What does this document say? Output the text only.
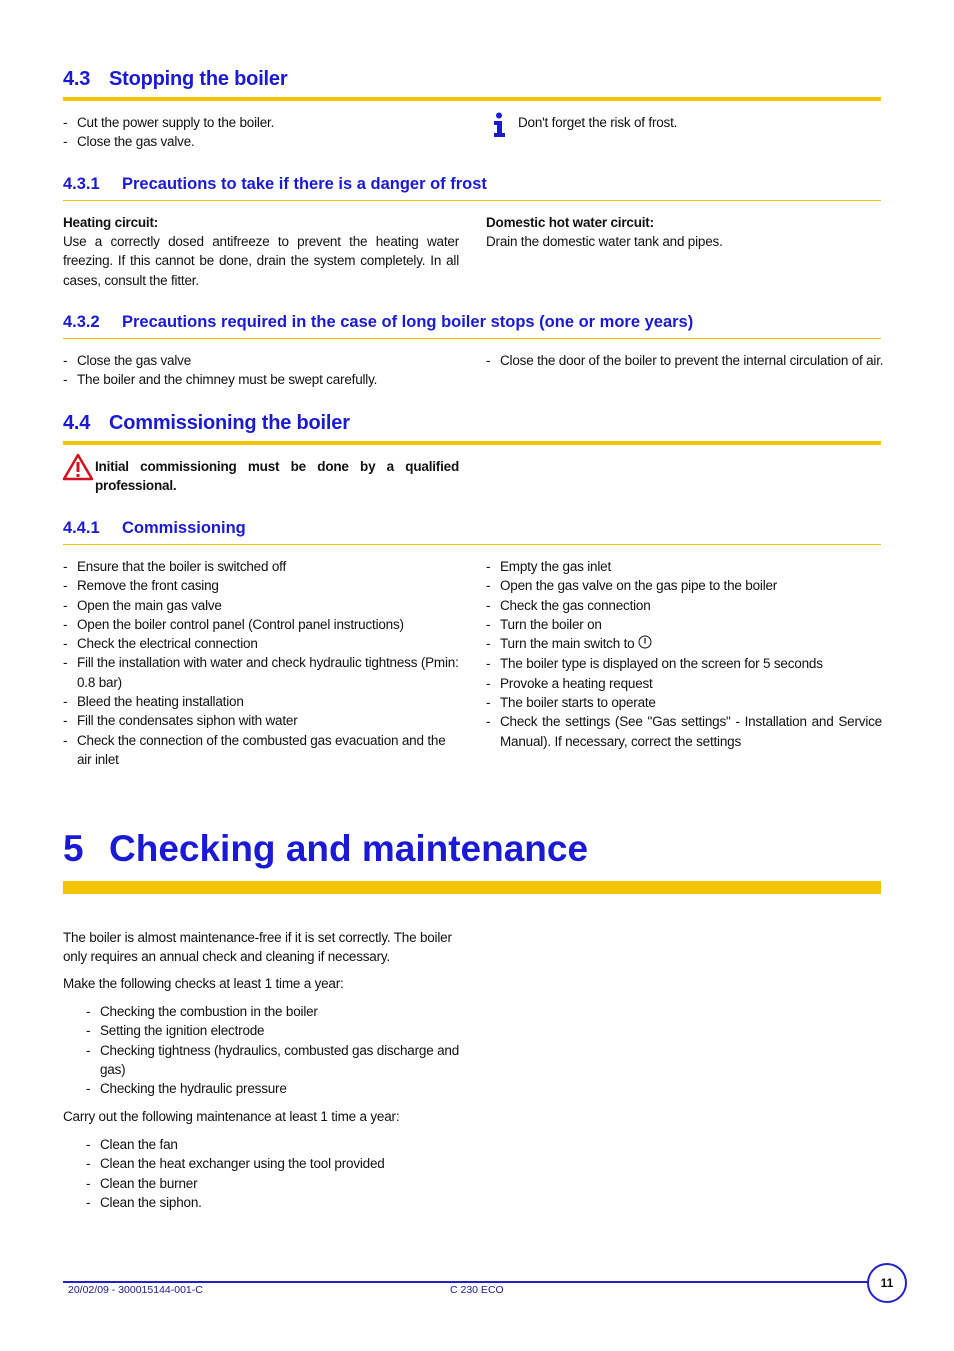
4.3 Stopping the boiler
- Cut the power supply to the boiler.
- Close the gas valve.
Don't forget the risk of frost.
4.3.1 Precautions to take if there is a danger of frost
Heating circuit:
Use a correctly dosed antifreeze to prevent the heating water freezing. If this cannot be done, drain the system completely. In all cases, consult the fitter.
Domestic hot water circuit:
Drain the domestic water tank and pipes.
4.3.2 Precautions required in the case of long boiler stops (one or more years)
- Close the gas valve
- The boiler and the chimney must be swept carefully.
- Close the door of the boiler to prevent the internal circulation of air.
4.4 Commissioning the boiler
Initial commissioning must be done by a qualified professional.
4.4.1 Commissioning
- Ensure that the boiler is switched off
- Remove the front casing
- Open the main gas valve
- Open the boiler control panel (Control panel instructions)
- Check the electrical connection
- Fill the installation with water and check hydraulic tightness (Pmin: 0.8 bar)
- Bleed the heating installation
- Fill the condensates siphon with water
- Check the connection of the combusted gas evacuation and the air inlet
- Empty the gas inlet
- Open the gas valve on the gas pipe to the boiler
- Check the gas connection
- Turn the boiler on
- Turn the main switch to
- The boiler type is displayed on the screen for 5 seconds
- Provoke a heating request
- The boiler starts to operate
- Check the settings (See "Gas settings" - Installation and Service Manual). If necessary, correct the settings
5 Checking and maintenance
The boiler is almost maintenance-free if it is set correctly. The boiler only requires an annual check and cleaning if necessary.
Make the following checks at least 1 time a year:
- Checking the combustion in the boiler
- Setting the ignition electrode
- Checking tightness (hydraulics, combusted gas discharge and gas)
- Checking the hydraulic pressure
Carry out the following maintenance at least 1 time a year:
- Clean the fan
- Clean the heat exchanger using the tool provided
- Clean the burner
- Clean the siphon.
20/02/09 - 300015144-001-C	C 230 ECO	11
